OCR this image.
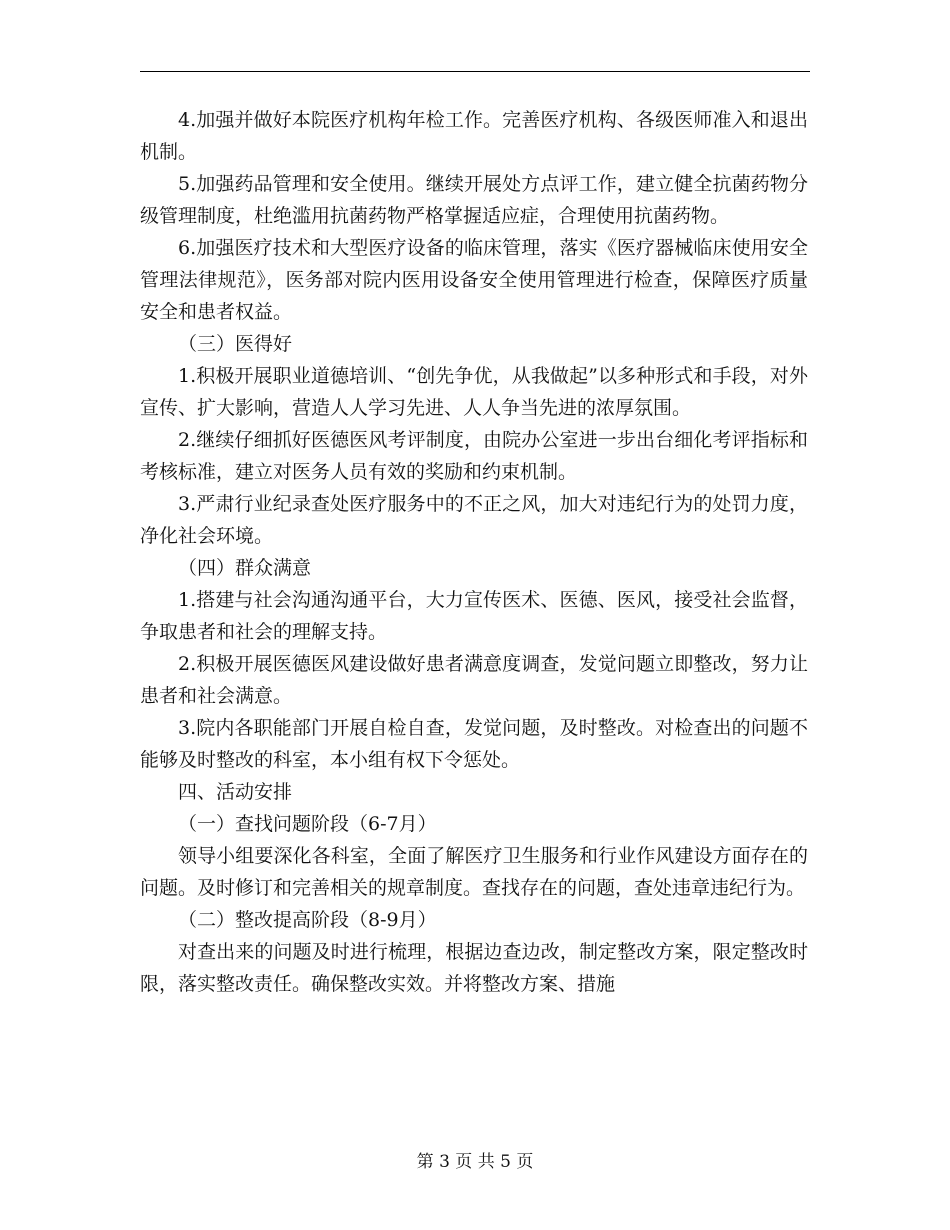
4.加强并做好本院医疗机构年检工作。完善医疗机构、各级医师准入和退出机制。

5.加强药品管理和安全使用。继续开展处方点评工作，建立健全抗菌药物分级管理制度，杜绝滥用抗菌药物严格掌握适应症，合理使用抗菌药物。

6.加强医疗技术和大型医疗设备的临床管理，落实《医疗器械临床使用安全管理法律规范》，医务部对院内医用设备安全使用管理进行检查，保障医疗质量安全和患者权益。

（三）医得好

1.积极开展职业道德培训、“创先争优，从我做起”以多种形式和手段，对外宣传、扩大影响，营造人人学习先进、人人争当先进的浓厚氛围。

2.继续仔细抓好医德医风考评制度，由院办公室进一步出台细化考评指标和考核标准，建立对医务人员有效的奖励和约束机制。

3.严肃行业纪录查处医疗服务中的不正之风，加大对违纪行为的处罚力度，净化社会环境。

（四）群众满意

1.搭建与社会沟通沟通平台，大力宣传医术、医德、医风，接受社会监督，争取患者和社会的理解支持。

2.积极开展医德医风建设做好患者满意度调查，发觉问题立即整改，努力让患者和社会满意。

3.院内各职能部门开展自检自查，发觉问题，及时整改。对检查出的问题不能够及时整改的科室，本小组有权下令惩处。

四、活动安排

（一）查找问题阶段（6-7月）

领导小组要深化各科室，全面了解医疗卫生服务和行业作风建设方面存在的问题。及时修订和完善相关的规章制度。查找存在的问题，查处违章违纪行为。

（二）整改提高阶段（8-9月）

对查出来的问题及时进行梳理，根据边查边改，制定整改方案，限定整改时限，落实整改责任。确保整改实效。并将整改方案、措施

第 3 页 共 5 页
